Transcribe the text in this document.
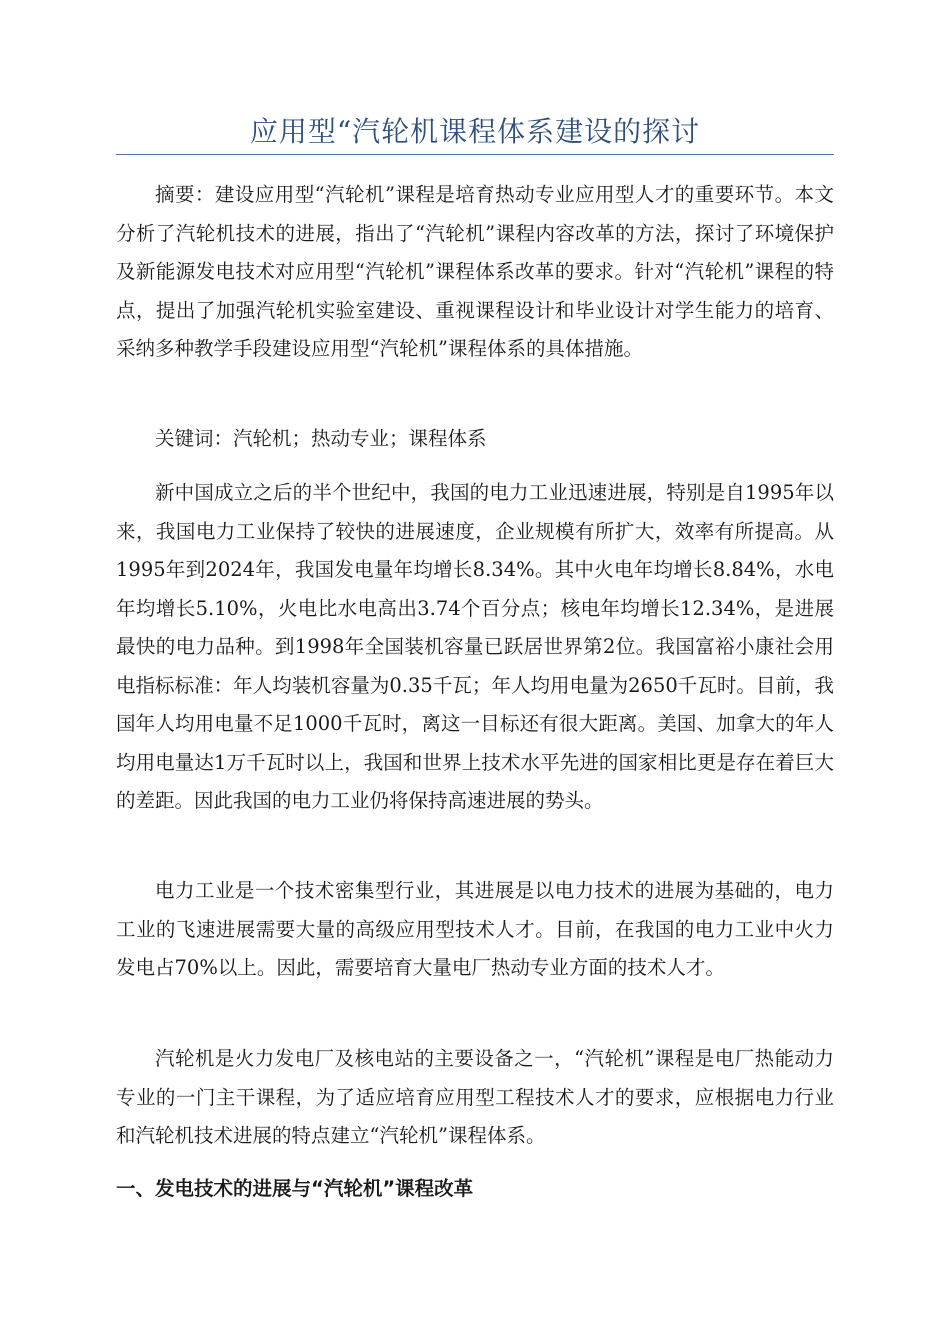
应用型“汽轮机课程体系建设的探讨

摘要：建设应用型“汽轮机”课程是培育热动专业应用型人才的重要环节。本文分析了汽轮机技术的进展，指出了“汽轮机”课程内容改革的方法，探讨了环境保护及新能源发电技术对应用型“汽轮机”课程体系改革的要求。针对“汽轮机”课程的特点，提出了加强汽轮机实验室建设、重视课程设计和毕业设计对学生能力的培育、采纳多种教学手段建设应用型“汽轮机”课程体系的具体措施。

关键词：汽轮机；热动专业；课程体系

新中国成立之后的半个世纪中，我国的电力工业迅速进展，特别是自1995年以来，我国电力工业保持了较快的进展速度，企业规模有所扩大，效率有所提高。从1995年到2024年，我国发电量年均增长8.34%。其中火电年均增长8.84%，水电年均增长5.10%，火电比水电高出3.74个百分点；核电年均增长12.34%，是进展最快的电力品种。到1998年全国装机容量已跃居世界第2位。我国富裕小康社会用电指标标准：年人均装机容量为0.35千瓦；年人均用电量为2650千瓦时。目前，我国年人均用电量不足1000千瓦时，离这一目标还有很大距离。美国、加拿大的年人均用电量达1万千瓦时以上，我国和世界上技术水平先进的国家相比更是存在着巨大的差距。因此我国的电力工业仍将保持高速进展的势头。

电力工业是一个技术密集型行业，其进展是以电力技术的进展为基础的，电力工业的飞速进展需要大量的高级应用型技术人才。目前，在我国的电力工业中火力发电占70%以上。因此，需要培育大量电厂热动专业方面的技术人才。

汽轮机是火力发电厂及核电站的主要设备之一，“汽轮机”课程是电厂热能动力专业的一门主干课程，为了适应培育应用型工程技术人才的要求，应根据电力行业和汽轮机技术进展的特点建立“汽轮机”课程体系。

一、发电技术的进展与“汽轮机”课程改革
